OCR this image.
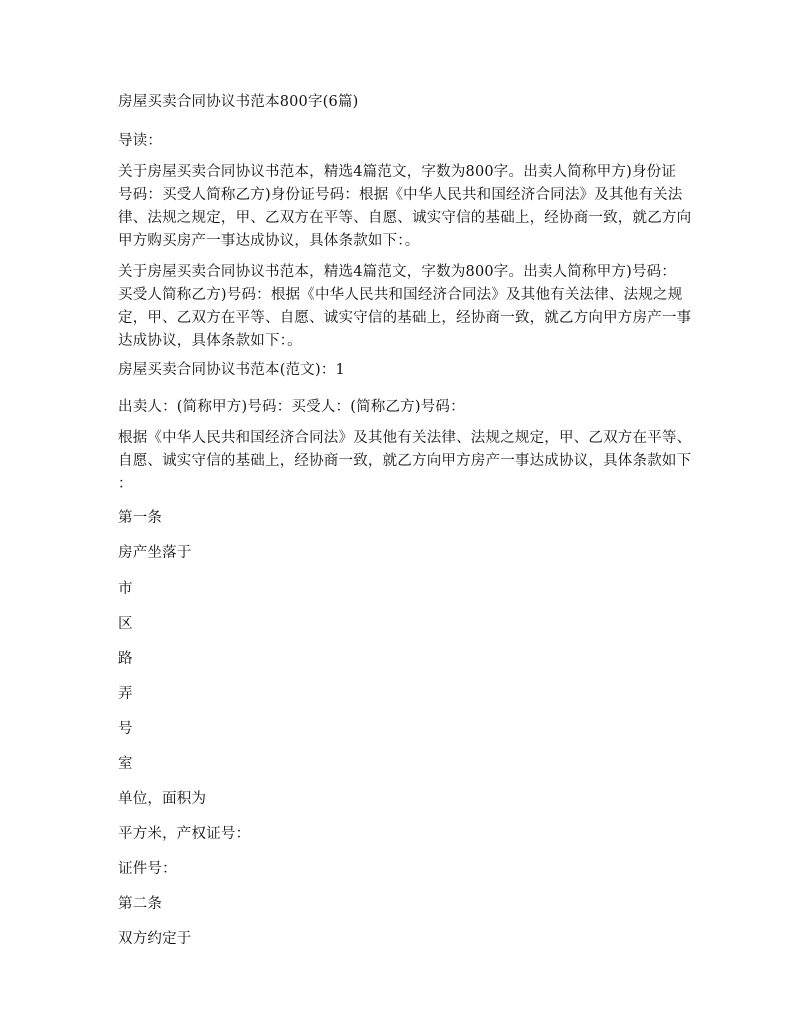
房屋买卖合同协议书范本800字(6篇)
导读：
关于房屋买卖合同协议书范本，精选4篇范文，字数为800字。出卖人简称甲方)身份证
号码：买受人简称乙方)身份证号码：根据《中华人民共和国经济合同法》及其他有关法
律、法规之规定，甲、乙双方在平等、自愿、诚实守信的基础上，经协商一致，就乙方向
甲方购买房产一事达成协议，具体条款如下：。
关于房屋买卖合同协议书范本，精选4篇范文，字数为800字。出卖人简称甲方)号码：
买受人简称乙方)号码：根据《中华人民共和国经济合同法》及其他有关法律、法规之规
定，甲、乙双方在平等、自愿、诚实守信的基础上，经协商一致，就乙方向甲方房产一事
达成协议，具体条款如下：。
房屋买卖合同协议书范本(范文)：1
出卖人：(简称甲方)号码：买受人：(简称乙方)号码：
根据《中华人民共和国经济合同法》及其他有关法律、法规之规定，甲、乙双方在平等、
自愿、诚实守信的基础上，经协商一致，就乙方向甲方房产一事达成协议，具体条款如下
：
第一条
房产坐落于
市
区
路
弄
号
室
单位，面积为
平方米，产权证号：
证件号：
第二条
双方约定于
